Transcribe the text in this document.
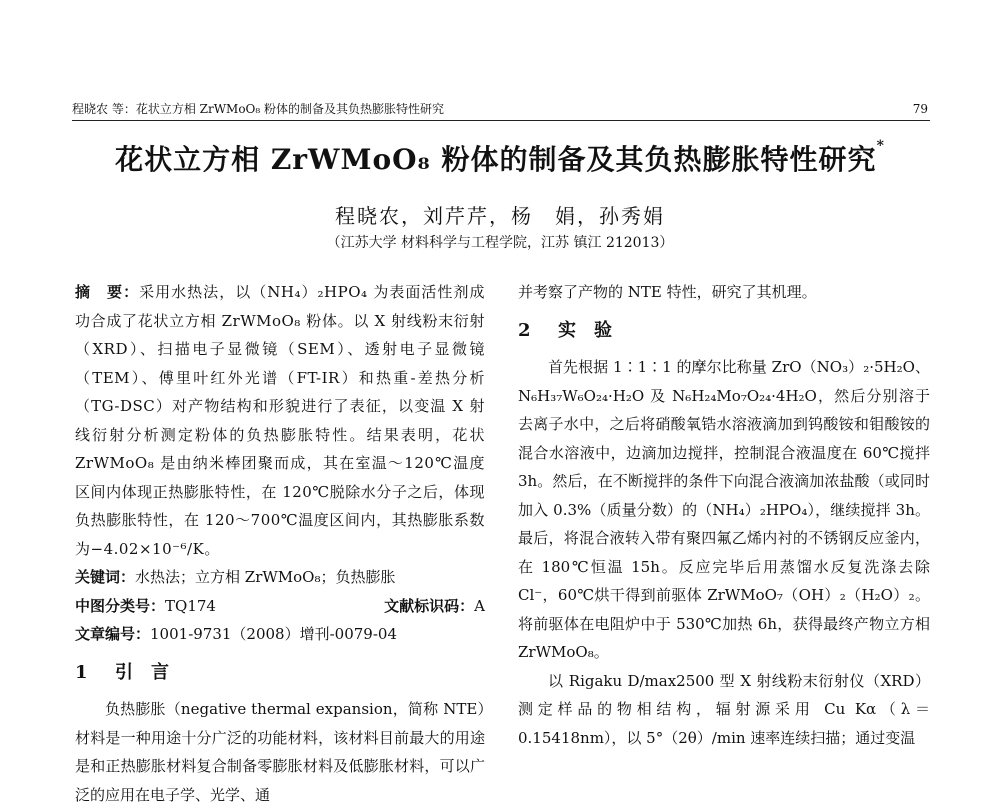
程晓农 等：花状立方相 ZrWMoO₈ 粉体的制备及其负热膨胀特性研究	79
花状立方相 ZrWMoO₈ 粉体的制备及其负热膨胀特性研究*
程晓农，刘芹芹，杨　娟，孙秀娟
（江苏大学 材料科学与工程学院，江苏 镇江 212013）

摘　要：采用水热法，以（NH₄）₂HPO₄ 为表面活性剂成功合成了花状立方相 ZrWMoO₈ 粉体。以 X 射线粉末衍射（XRD）、扫描电子显微镜（SEM）、透射电子显微镜（TEM）、傅里叶红外光谱（FT-IR）和热重-差热分析（TG-DSC）对产物结构和形貌进行了表征，以变温 X 射线衍射分析测定粉体的负热膨胀特性。结果表明，花状 ZrWMoO₈ 是由纳米棒团聚而成，其在室温～120℃温度区间内体现正热膨胀特性，在 120℃脱除水分子之后，体现负热膨胀特性，在 120～700℃温度区间内，其热膨胀系数为−4.02×10⁻⁶/K。

关键词：水热法；立方相 ZrWMoO₈；负热膨胀

中图分类号：TQ174	文献标识码：A

文章编号：1001-9731（2008）增刊-0079-04

1 引　言

负热膨胀（negative thermal expansion，简称 NTE）材料是一种用途十分广泛的功能材料，该材料目前最大的用途是和正热膨胀材料复合制备零膨胀材料及低膨胀材料，可以广泛的应用在电子学、光学、通

并考察了产物的 NTE 特性，研究了其机理。

2 实　验

首先根据 1∶1∶1 的摩尔比称量 ZrO（NO₃）₂·5H₂O、N₆H₃₇W₆O₂₄·H₂O 及 N₆H₂₄Mo₇O₂₄·4H₂O，然后分别溶于去离子水中，之后将硝酸氧锆水溶液滴加到钨酸铵和钼酸铵的混合水溶液中，边滴加边搅拌，控制混合液温度在 60℃搅拌 3h。然后，在不断搅拌的条件下向混合液滴加浓盐酸（或同时加入 0.3%（质量分数）的（NH₄）₂HPO₄），继续搅拌 3h。最后，将混合液转入带有聚四氟乙烯内衬的不锈钢反应釜内，在 180℃恒温 15h。反应完毕后用蒸馏水反复洗涤去除 Cl⁻，60℃烘干得到前驱体 ZrWMoO₇（OH）₂（H₂O）₂。将前驱体在电阻炉中于 530℃加热 6h，获得最终产物立方相 ZrWMoO₈。

以 Rigaku D/max2500 型 X 射线粉末衍射仪（XRD）测定样品的物相结构，辐射源采用 Cu Kα（λ＝0.15418nm），以 5°（2θ）/min 速率连续扫描；通过变温
